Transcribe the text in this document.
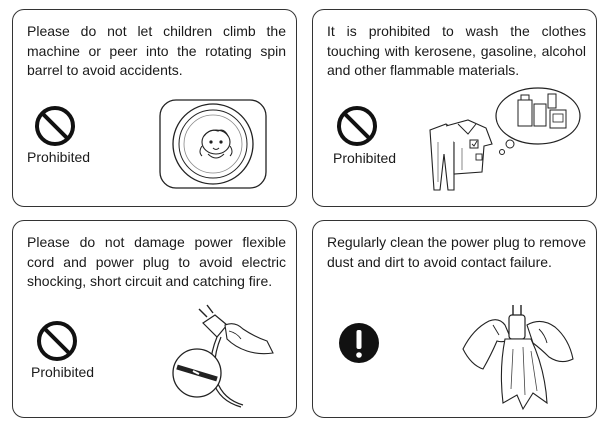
Please do not let children climb the machine or peer into the rotating spin barrel to avoid accidents.
Prohibited
It is prohibited to wash the clothes touching with kerosene, gasoline, alcohol and other flammable materials.
Prohibited
Please do not damage power flexible cord and power plug to avoid electric shocking, short circuit and catching fire.
Prohibited
Regularly clean the power plug to remove dust and dirt to avoid contact failure.
